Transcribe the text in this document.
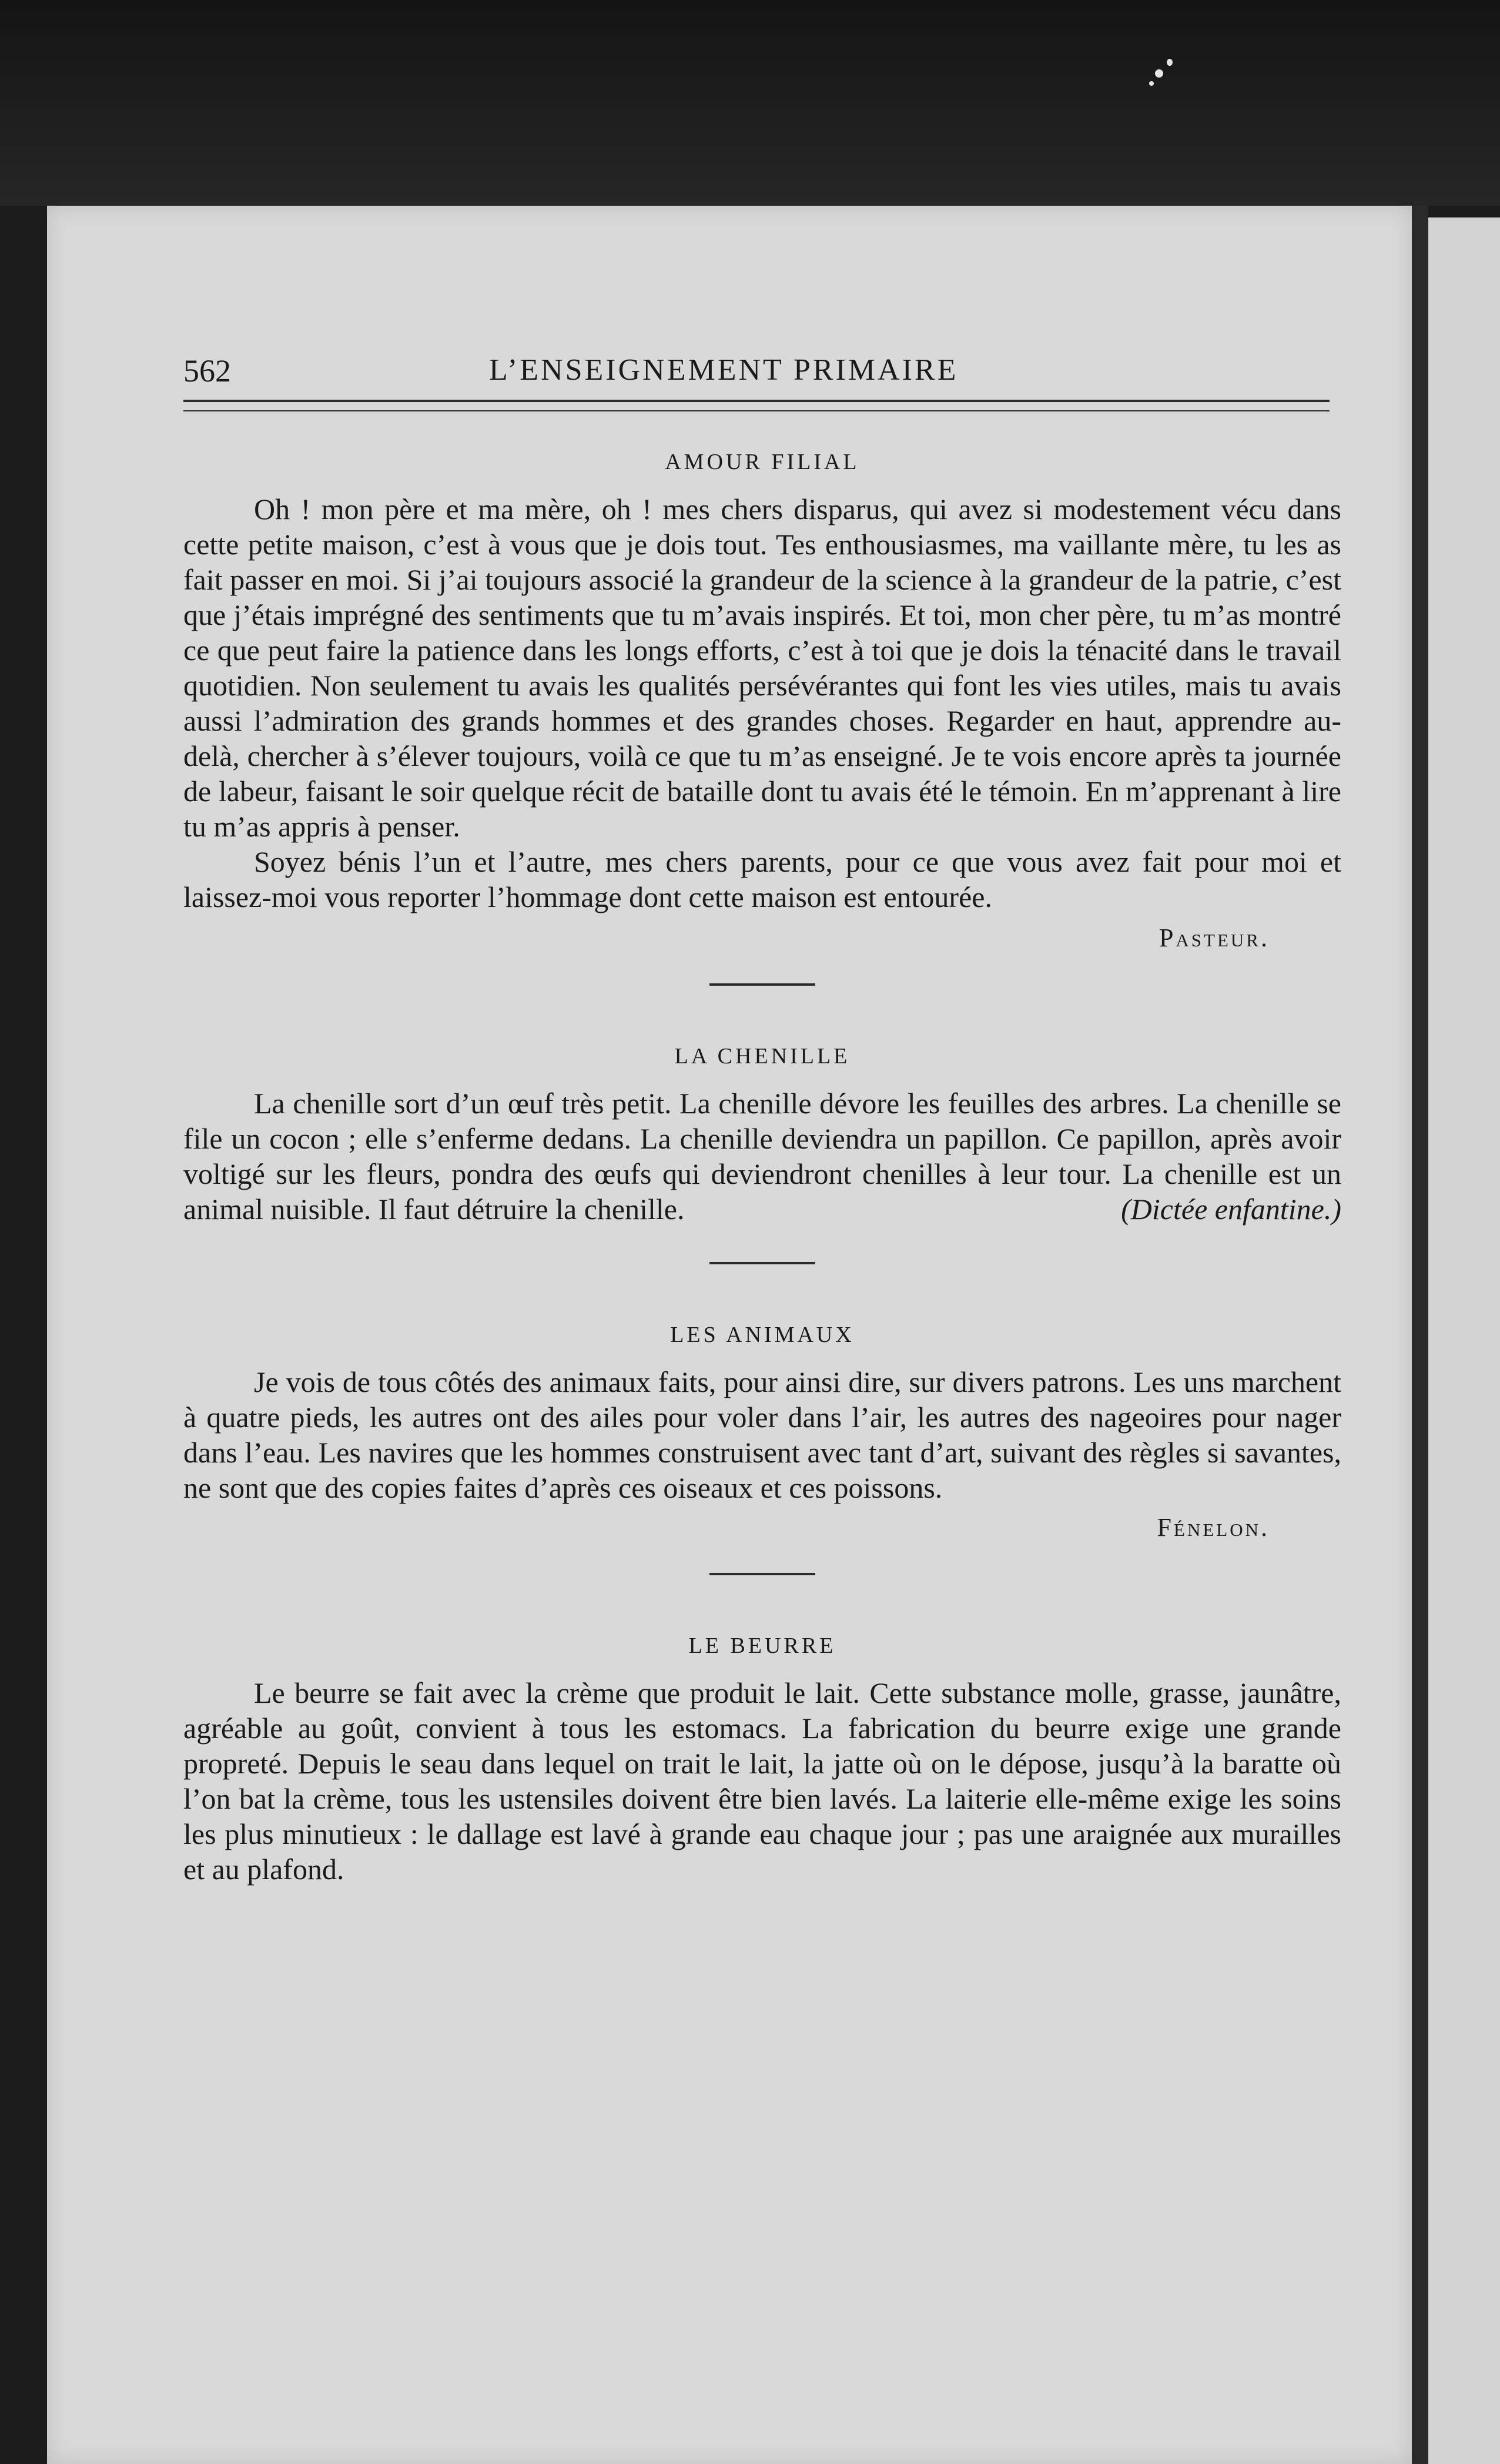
562	L’ENSEIGNEMENT PRIMAIRE
AMOUR FILIAL

Oh ! mon père et ma mère, oh ! mes chers disparus, qui avez si modestement vécu dans cette petite maison, c’est à vous que je dois tout. Tes enthousiasmes, ma vaillante mère, tu les as fait passer en moi. Si j’ai toujours associé la grandeur de la science à la grandeur de la patrie, c’est que j’étais imprégné des sentiments que tu m’avais inspirés. Et toi, mon cher père, tu m’as montré ce que peut faire la patience dans les longs efforts, c’est à toi que je dois la ténacité dans le travail quotidien. Non seulement tu avais les qualités persévérantes qui font les vies utiles, mais tu avais aussi l’admiration des grands hommes et des grandes choses. Regarder en haut, apprendre au-delà, chercher à s’élever toujours, voilà ce que tu m’as enseigné. Je te vois encore après ta journée de labeur, faisant le soir quelque récit de bataille dont tu avais été le témoin. En m’apprenant à lire tu m’as appris à penser.

Soyez bénis l’un et l’autre, mes chers parents, pour ce que vous avez fait pour moi et laissez-moi vous reporter l’hommage dont cette maison est entourée.

Pasteur.

LA CHENILLE

La chenille sort d’un œuf très petit. La chenille dévore les feuilles des arbres. La chenille se file un cocon ; elle s’enferme dedans. La chenille deviendra un papillon. Ce papillon, après avoir voltigé sur les fleurs, pondra des œufs qui deviendront chenilles à leur tour. La chenille est un animal nuisible. Il faut détruire la chenille.	(Dictée enfantine.)

LES ANIMAUX

Je vois de tous côtés des animaux faits, pour ainsi dire, sur divers patrons. Les uns marchent à quatre pieds, les autres ont des ailes pour voler dans l’air, les autres des nageoires pour nager dans l’eau. Les navires que les hommes construisent avec tant d’art, suivant des règles si savantes, ne sont que des copies faites d’après ces oiseaux et ces poissons.

Fénelon.

LE BEURRE

Le beurre se fait avec la crème que produit le lait. Cette substance molle, grasse, jaunâtre, agréable au goût, convient à tous les estomacs. La fabrication du beurre exige une grande propreté. Depuis le seau dans lequel on trait le lait, la jatte où on le dépose, jusqu’à la baratte où l’on bat la crème, tous les ustensiles doivent être bien lavés. La laiterie elle-même exige les soins les plus minutieux : le dallage est lavé à grande eau chaque jour ; pas une araignée aux murailles et au plafond.
